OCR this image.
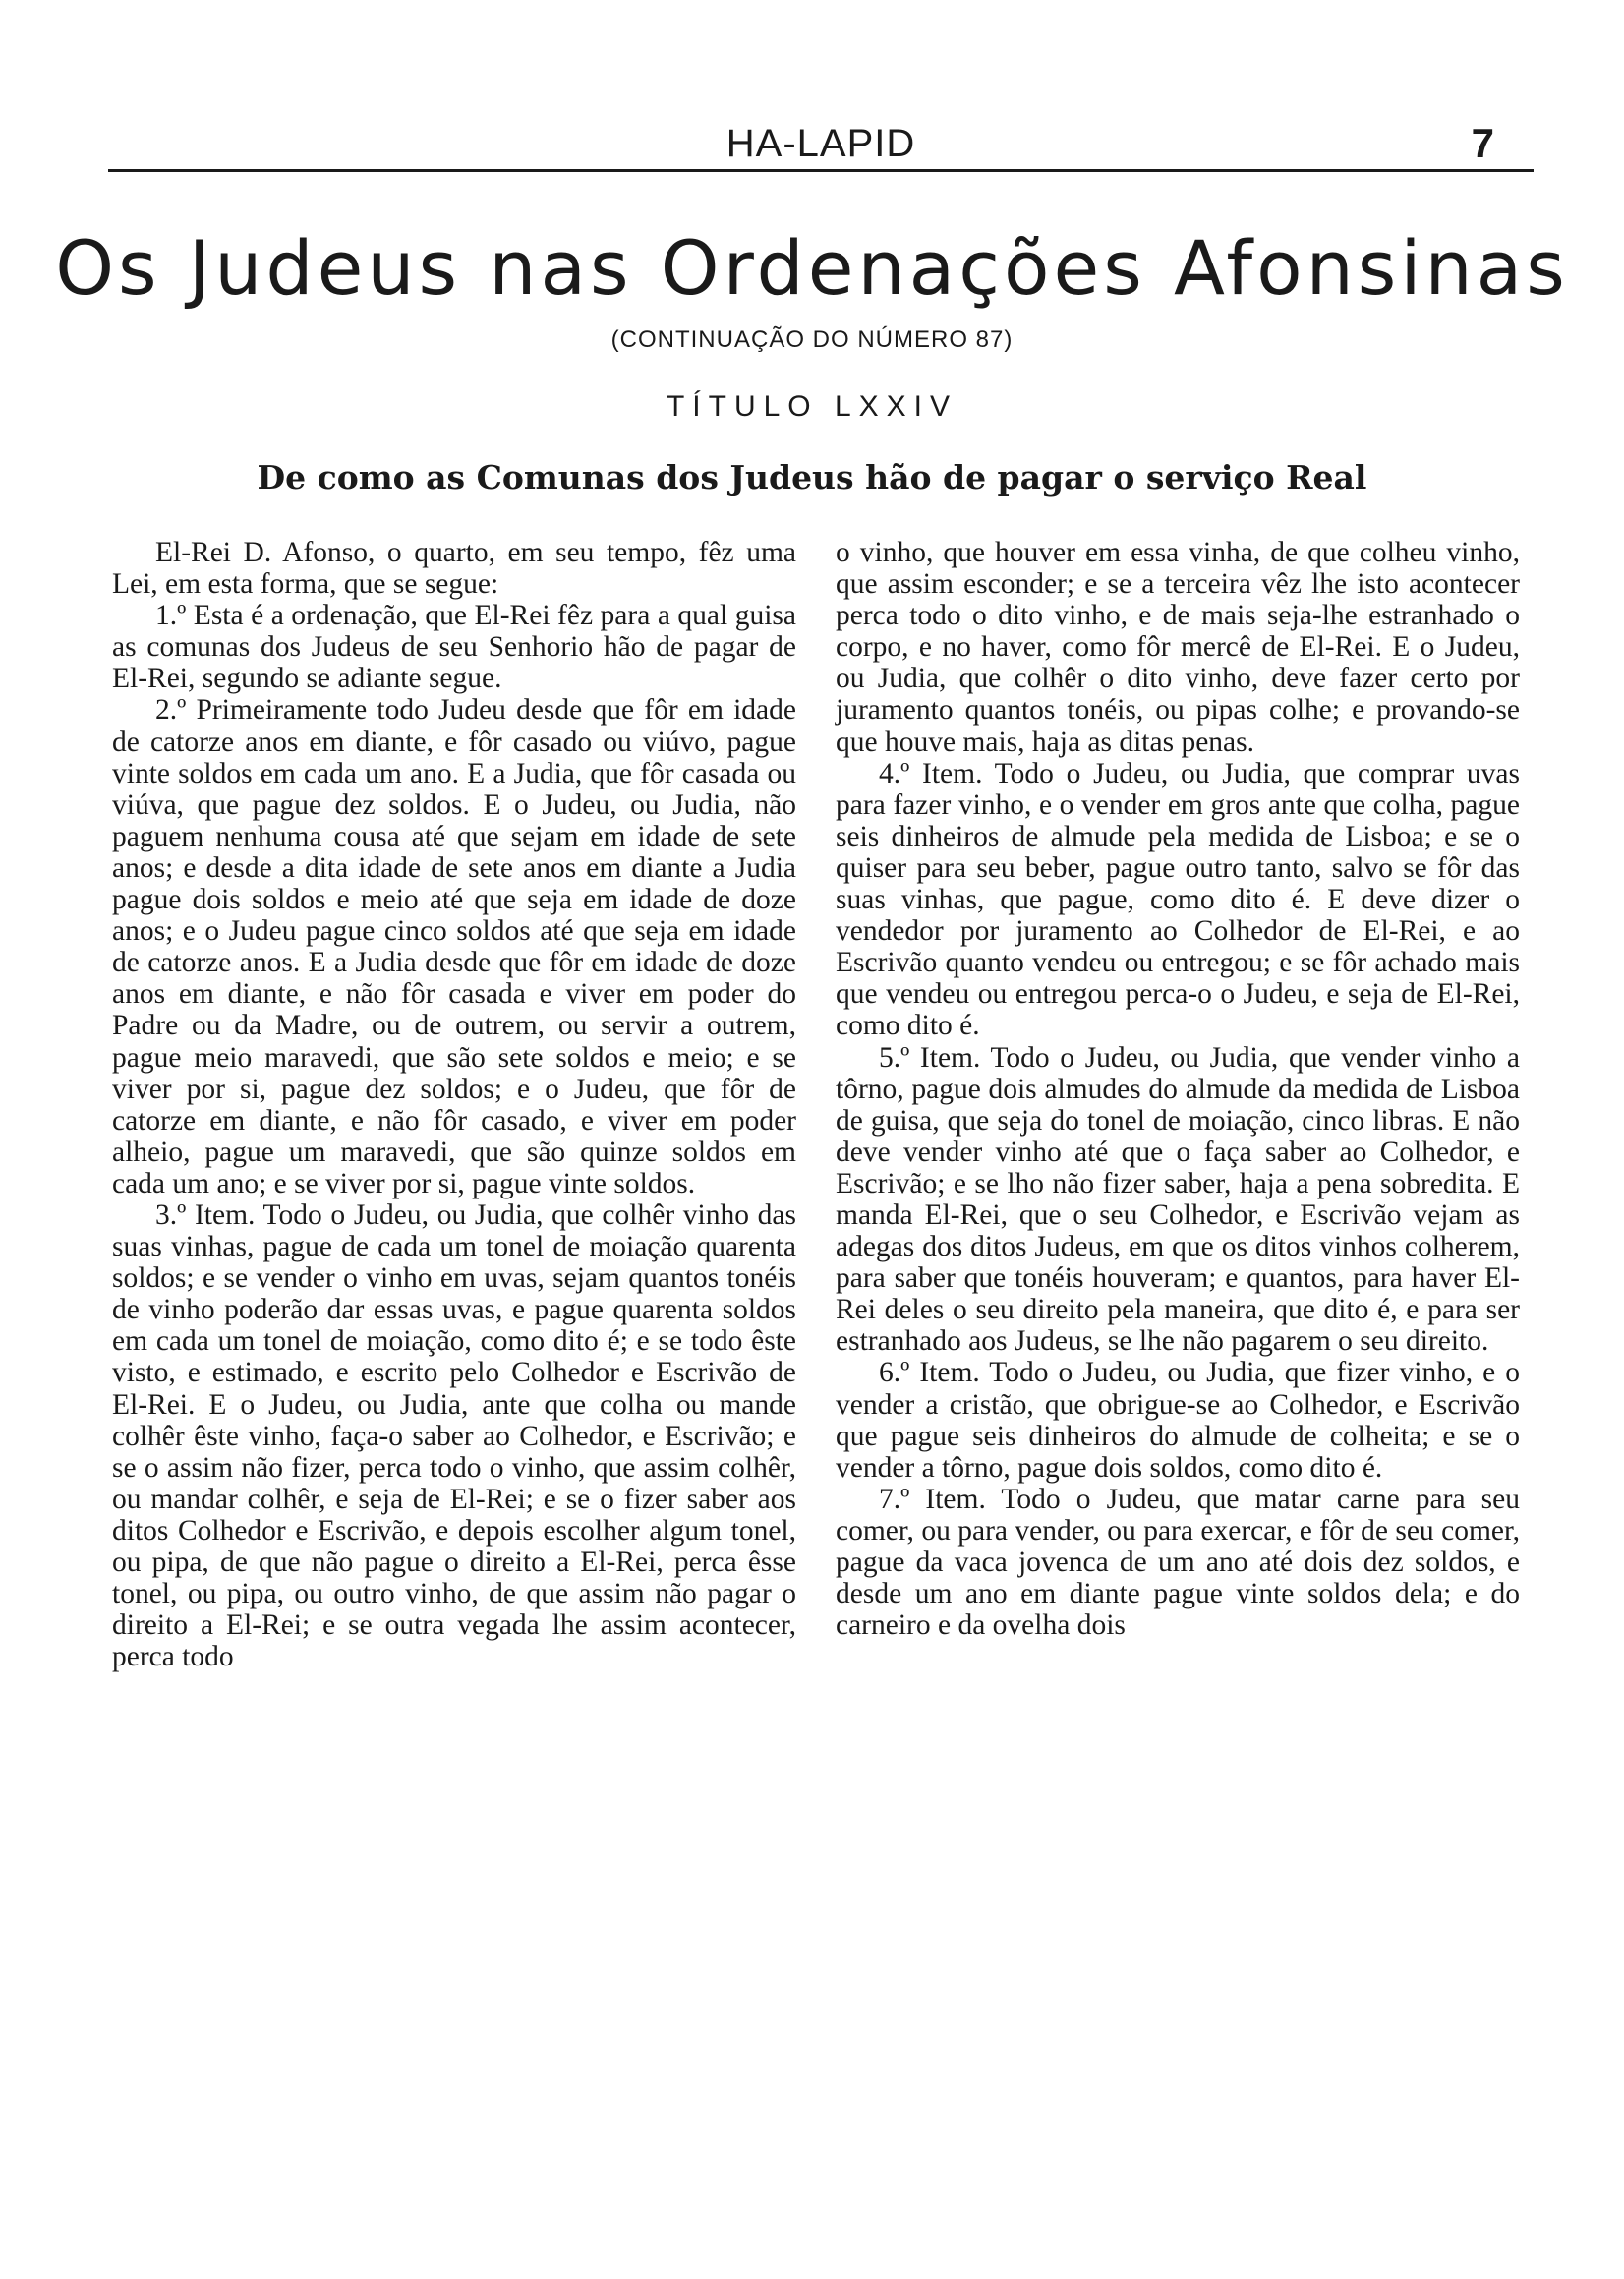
HA-LAPID	7
Os Judeus nas Ordenações Afonsinas
(CONTINUAÇÃO DO NÚMERO 87)
TÍTULO LXXIV
De como as Comunas dos Judeus hão de pagar o serviço Real

El-Rei D. Afonso, o quarto, em seu tempo, fêz uma Lei, em esta forma, que se segue:

1.º Esta é a ordenação, que El-Rei fêz para a qual guisa as comunas dos Judeus de seu Senhorio hão de pagar de El-Rei, segundo se adiante segue.

2.º Primeiramente todo Judeu desde que fôr em idade de catorze anos em diante, e fôr casado ou viúvo, pague vinte soldos em cada um ano. E a Judia, que fôr casada ou viúva, que pague dez soldos. E o Judeu, ou Judia, não paguem nenhuma cousa até que sejam em idade de sete anos; e desde a dita idade de sete anos em diante a Judia pague dois soldos e meio até que seja em idade de doze anos; e o Judeu pague cinco soldos até que seja em idade de catorze anos. E a Judia desde que fôr em idade de doze anos em diante, e não fôr casada e viver em poder do Padre ou da Madre, ou de outrem, ou servir a outrem, pague meio maravedi, que são sete soldos e meio; e se viver por si, pague dez soldos; e o Judeu, que fôr de catorze em diante, e não fôr casado, e viver em poder alheio, pague um maravedi, que são quinze soldos em cada um ano; e se viver por si, pague vinte soldos.

3.º Item. Todo o Judeu, ou Judia, que colhêr vinho das suas vinhas, pague de cada um tonel de moiação quarenta soldos; e se vender o vinho em uvas, sejam quantos tonéis de vinho poderão dar essas uvas, e pague quarenta soldos em cada um tonel de moiação, como dito é; e se todo êste visto, e estimado, e escrito pelo Colhedor e Escrivão de El-Rei. E o Judeu, ou Judia, ante que colha ou mande colhêr êste vinho, faça-o saber ao Colhedor, e Escrivão; e se o assim não fizer, perca todo o vinho, que assim colhêr, ou mandar colhêr, e seja de El-Rei; e se o fizer saber aos ditos Colhedor e Escrivão, e depois escolher algum tonel, ou pipa, de que não pague o direito a El-Rei, perca êsse tonel, ou pipa, ou outro vinho, de que assim não pagar o direito a El-Rei; e se outra vegada lhe assim acontecer, perca todo

o vinho, que houver em essa vinha, de que colheu vinho, que assim esconder; e se a terceira vêz lhe isto acontecer perca todo o dito vinho, e de mais seja-lhe estranhado o corpo, e no haver, como fôr mercê de El-Rei. E o Judeu, ou Judia, que colhêr o dito vinho, deve fazer certo por juramento quantos tonéis, ou pipas colhe; e provando-se que houve mais, haja as ditas penas.

4.º Item. Todo o Judeu, ou Judia, que comprar uvas para fazer vinho, e o vender em gros ante que colha, pague seis dinheiros de almude pela medida de Lisboa; e se o quiser para seu beber, pague outro tanto, salvo se fôr das suas vinhas, que pague, como dito é. E deve dizer o vendedor por juramento ao Colhedor de El-Rei, e ao Escrivão quanto vendeu ou entregou; e se fôr achado mais que vendeu ou entregou perca-o o Judeu, e seja de El-Rei, como dito é.

5.º Item. Todo o Judeu, ou Judia, que vender vinho a tôrno, pague dois almudes do almude da medida de Lisboa de guisa, que seja do tonel de moiação, cinco libras. E não deve vender vinho até que o faça saber ao Colhedor, e Escrivão; e se lho não fizer saber, haja a pena sobredita. E manda El-Rei, que o seu Colhedor, e Escrivão vejam as adegas dos ditos Judeus, em que os ditos vinhos colherem, para saber que tonéis houveram; e quantos, para haver El-Rei deles o seu direito pela maneira, que dito é, e para ser estranhado aos Judeus, se lhe não pagarem o seu direito.

6.º Item. Todo o Judeu, ou Judia, que fizer vinho, e o vender a cristão, que obrigue-se ao Colhedor, e Escrivão que pague seis dinheiros do almude de colheita; e se o vender a tôrno, pague dois soldos, como dito é.

7.º Item. Todo o Judeu, que matar carne para seu comer, ou para vender, ou para exercar, e fôr de seu comer, pague da vaca jovenca de um ano até dois dez soldos, e desde um ano em diante pague vinte soldos dela; e do carneiro e da ovelha dois
